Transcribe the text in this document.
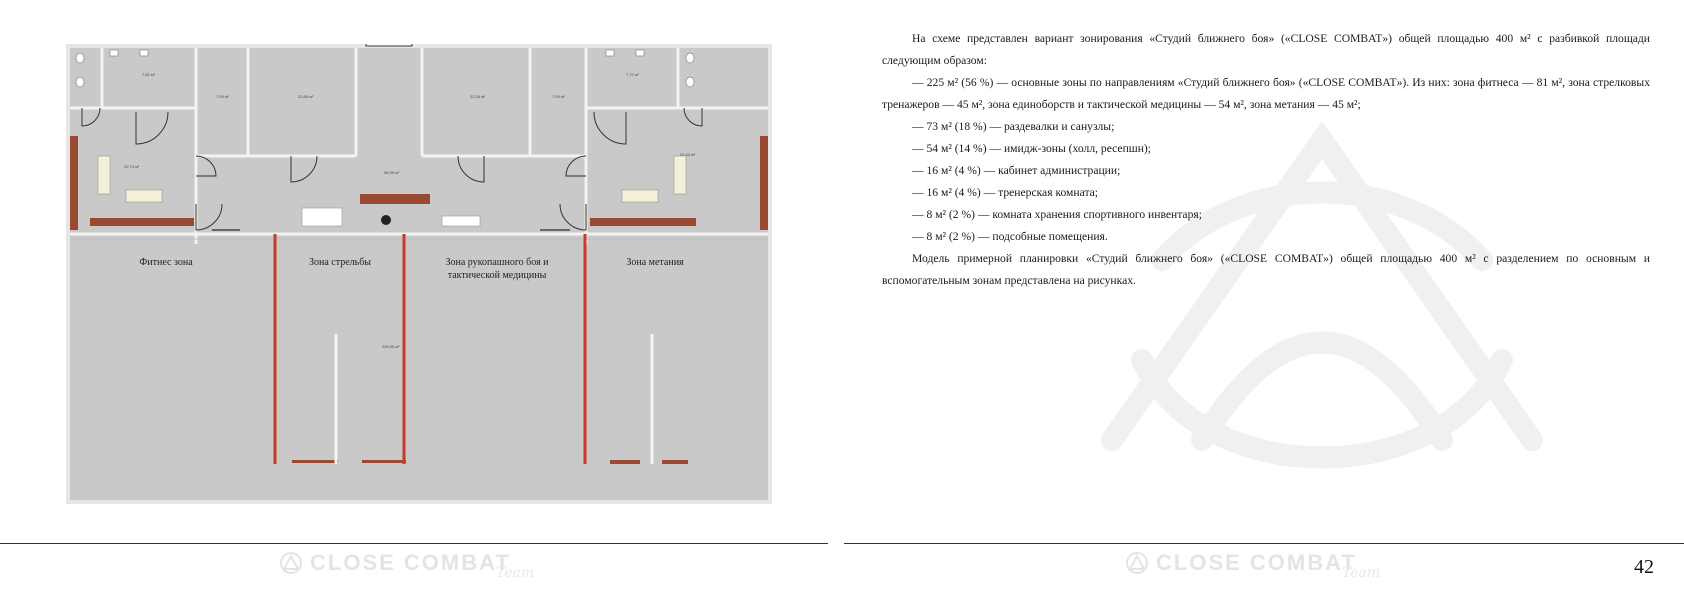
7,82 м²	7,72 м²
7,93 м²	22,65 м²	22,35 м²	7,93 м²
22,74 м²
20,44 м²
58,39 м²
230,95 м²
Фитнес зона	Зона стрельбы	Зона рукопашного боя и
тактической медицины
Зона метания
CLOSE COMBAT
Team

На схеме представлен вариант зонирования «Студий ближнего боя» («CLOSE COMBAT») общей площадью 400 м² с разбивкой площади следующим образом:

— 225 м² (56 %) — основные зоны по направлениям «Студий ближнего боя» («CLOSE COMBAT»). Из них: зона фитнеса — 81 м², зона стрелковых тренажеров — 45 м², зона единоборств и тактической медицины — 54 м², зона метания — 45 м²;

— 73 м² (18 %) — раздевалки и санузлы;

— 54 м² (14 %) — имидж-зоны (холл, ресепшн);

— 16 м² (4 %) — кабинет администрации;

— 16 м² (4 %) — тренерская комната;

— 8 м² (2 %) — комната хранения спортивного инвентаря;

— 8 м² (2 %) — подсобные помещения.

Модель примерной планировки «Студий ближнего боя» («CLOSE COMBAT») общей площадью 400 м² с разделением по основным и вспомогательным зонам представлена на рисунках.

CLOSE COMBAT
Team	42
